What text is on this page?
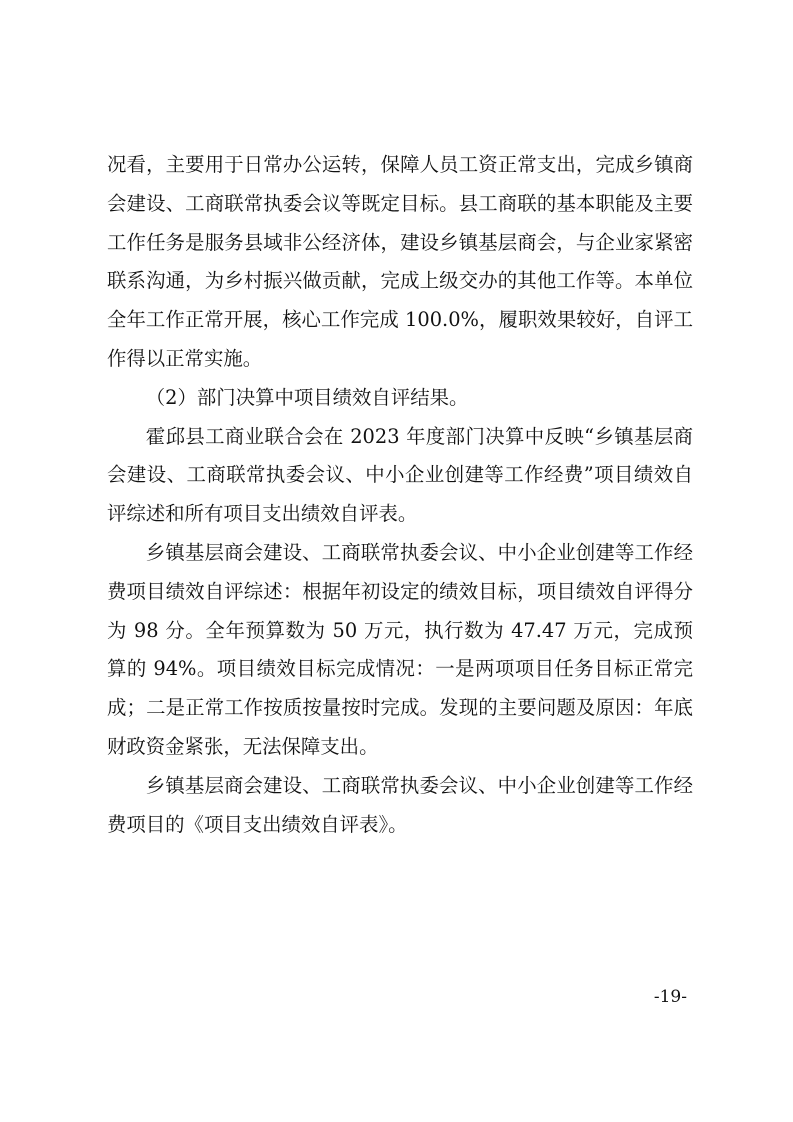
况看，主要用于日常办公运转，保障人员工资正常支出，完成乡镇商会建设、工商联常执委会议等既定目标。县工商联的基本职能及主要工作任务是服务县域非公经济体，建设乡镇基层商会，与企业家紧密联系沟通，为乡村振兴做贡献，完成上级交办的其他工作等。本单位全年工作正常开展，核心工作完成 100.0%，履职效果较好，自评工作得以正常实施。

（2）部门决算中项目绩效自评结果。

霍邱县工商业联合会在 2023 年度部门决算中反映“乡镇基层商会建设、工商联常执委会议、中小企业创建等工作经费”项目绩效自评综述和所有项目支出绩效自评表。

乡镇基层商会建设、工商联常执委会议、中小企业创建等工作经费项目绩效自评综述：根据年初设定的绩效目标，项目绩效自评得分为 98 分。全年预算数为 50 万元，执行数为 47.47 万元，完成预算的 94%。项目绩效目标完成情况：一是两项项目任务目标正常完成；二是正常工作按质按量按时完成。发现的主要问题及原因：年底财政资金紧张，无法保障支出。

乡镇基层商会建设、工商联常执委会议、中小企业创建等工作经费项目的《项目支出绩效自评表》。

-19-
